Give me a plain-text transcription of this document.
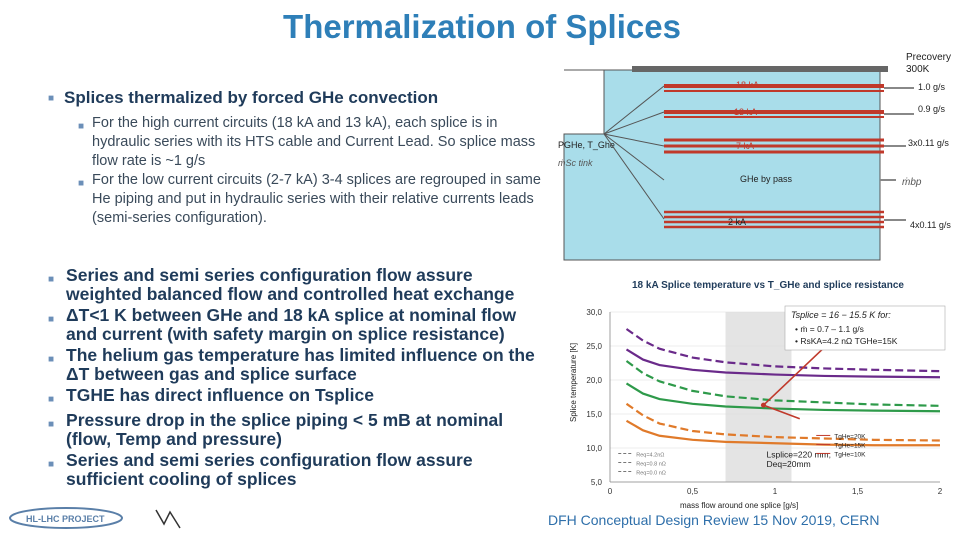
Thermalization of Splices
Precovery 300K
■ Splices thermalized by forced GHe convection
■ For the high current circuits (18 kA and 13 kA), each splice is in hydraulic series with its HTS cable and Current Lead. So splice mass flow rate is ~1 g/s
■ For the low current circuits (2-7 kA) 3-4 splices are regrouped in same He piping and put in hydraulic series with their relative currents leads (semi-series configuration).
■ Series and semi series configuration flow assure weighted balanced flow and controlled heat exchange
■ ΔT<1 K between GHe and 18 kA splice at nominal flow and current (with safety margin on splice resistance)
■ The helium gas temperature has limited influence on the ΔT between gas and splice surface
■ TGHE has direct influence on Tsplice
■ Pressure drop in the splice piping < 5 mB at nominal (flow, Temp and pressure)
■ Series and semi series configuration flow assure sufficient cooling of splices
PGHe, T_Ghe
ṁSc tink
18 kA	1.0 g/s
13 kA	0.9 g/s
7 kA	3x0.11 g/s
GHe by pass	ṁbp
2 kA	4x0.11 g/s
18 kA Splice temperature vs T_GHe and splice resistance
Splice temperature [K]
mass flow around one splice [g/s]
5,0
10,0
15,0
20,0
25,0
30,0
0	0,5	1	1,5	2
Tsplice = 16 − 15.5 K for:
• ṁ = 0.7 – 1.1 g/s
• RsKA=4.2 nΩ TGHe=15K
Lsplice=220 mm,
Deq=20mm
TgHe=10K
TgHe=15K
TgHe=20K
Req=4.2nΩ
Req=0.8 nΩ
Req=0.0 nΩ
DFH Conceptual Design Review 15 Nov 2019, CERN
HL-LHC PROJECT
